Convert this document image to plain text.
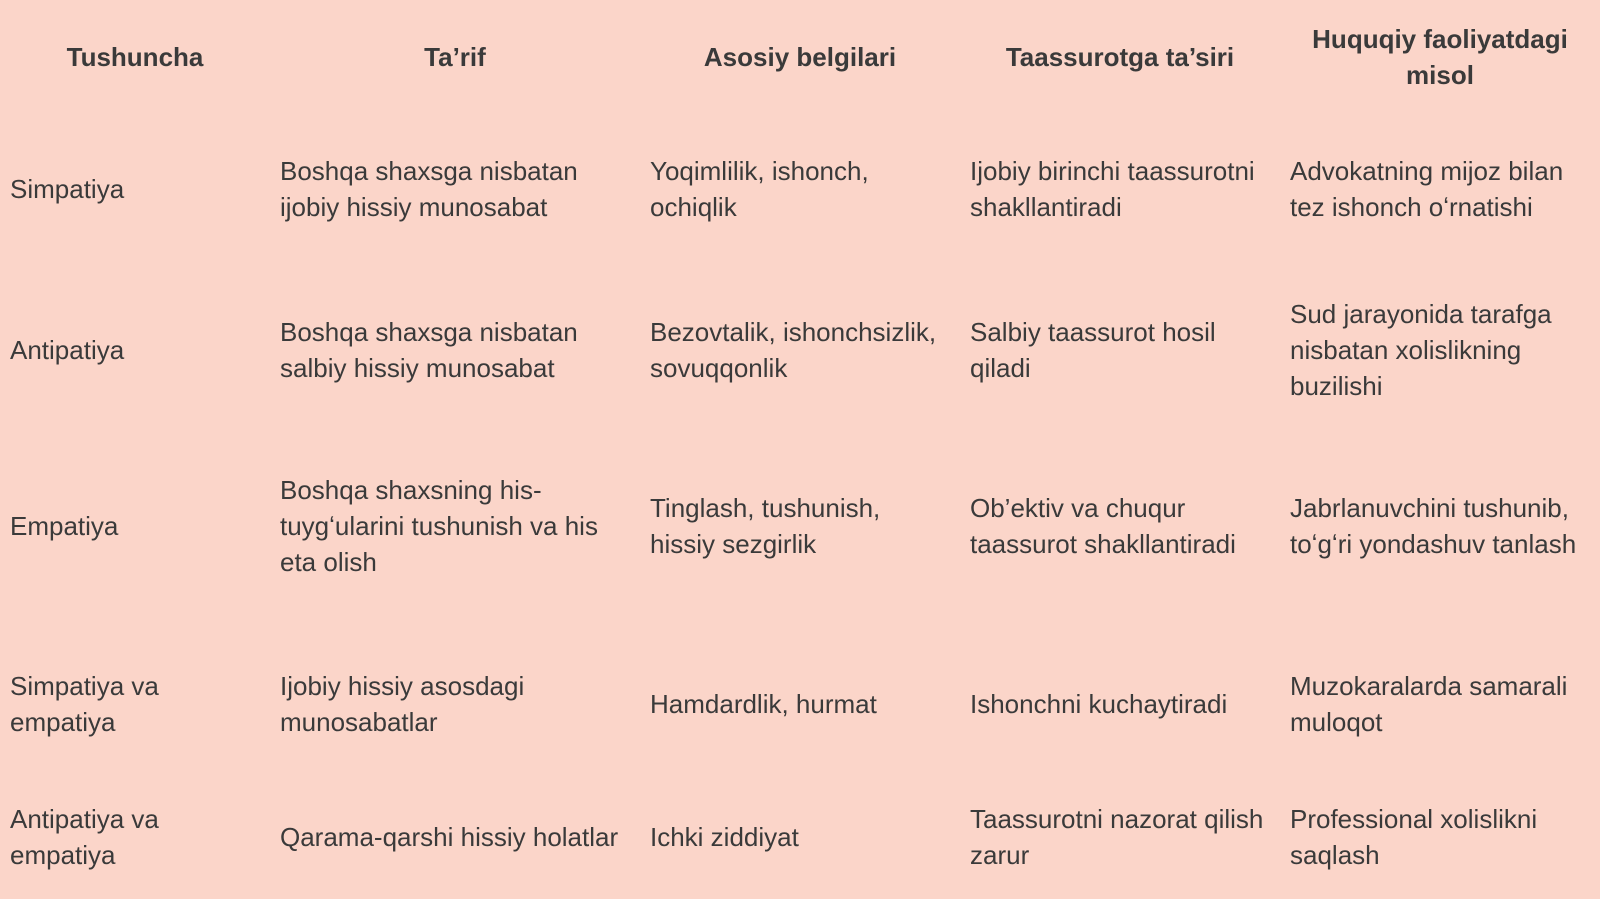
Tushuncha	Ta’rif	Asosiy belgilari	Taassurotga ta’siri	Huquqiy faoliyatdagi misol
Simpatiya	Boshqa shaxsga nisbatan ijobiy hissiy munosabat	Yoqimlilik, ishonch, ochiqlik	Ijobiy birinchi taassurotni shakllantiradi	Advokatning mijoz bilan tez ishonch oʻrnatishi
Antipatiya	Boshqa shaxsga nisbatan salbiy hissiy munosabat	Bezovtalik, ishonchsizlik, sovuqqonlik	Salbiy taassurot hosil qiladi	Sud jarayonida tarafga nisbatan xolislikning buzilishi
Empatiya	Boshqa shaxsning his-tuygʻularini tushunish va his eta olish	Tinglash, tushunish, hissiy sezgirlik	Ob’ektiv va chuqur taassurot shakllantiradi	Jabrlanuvchini tushunib, toʻgʻri yondashuv tanlash
Simpatiya va empatiya	Ijobiy hissiy asosdagi munosabatlar	Hamdardlik, hurmat	Ishonchni kuchaytiradi	Muzokaralarda samarali muloqot
Antipatiya va empatiya	Qarama-qarshi hissiy holatlar	Ichki ziddiyat	Taassurotni nazorat qilish zarur	Professional xolislikni saqlash
